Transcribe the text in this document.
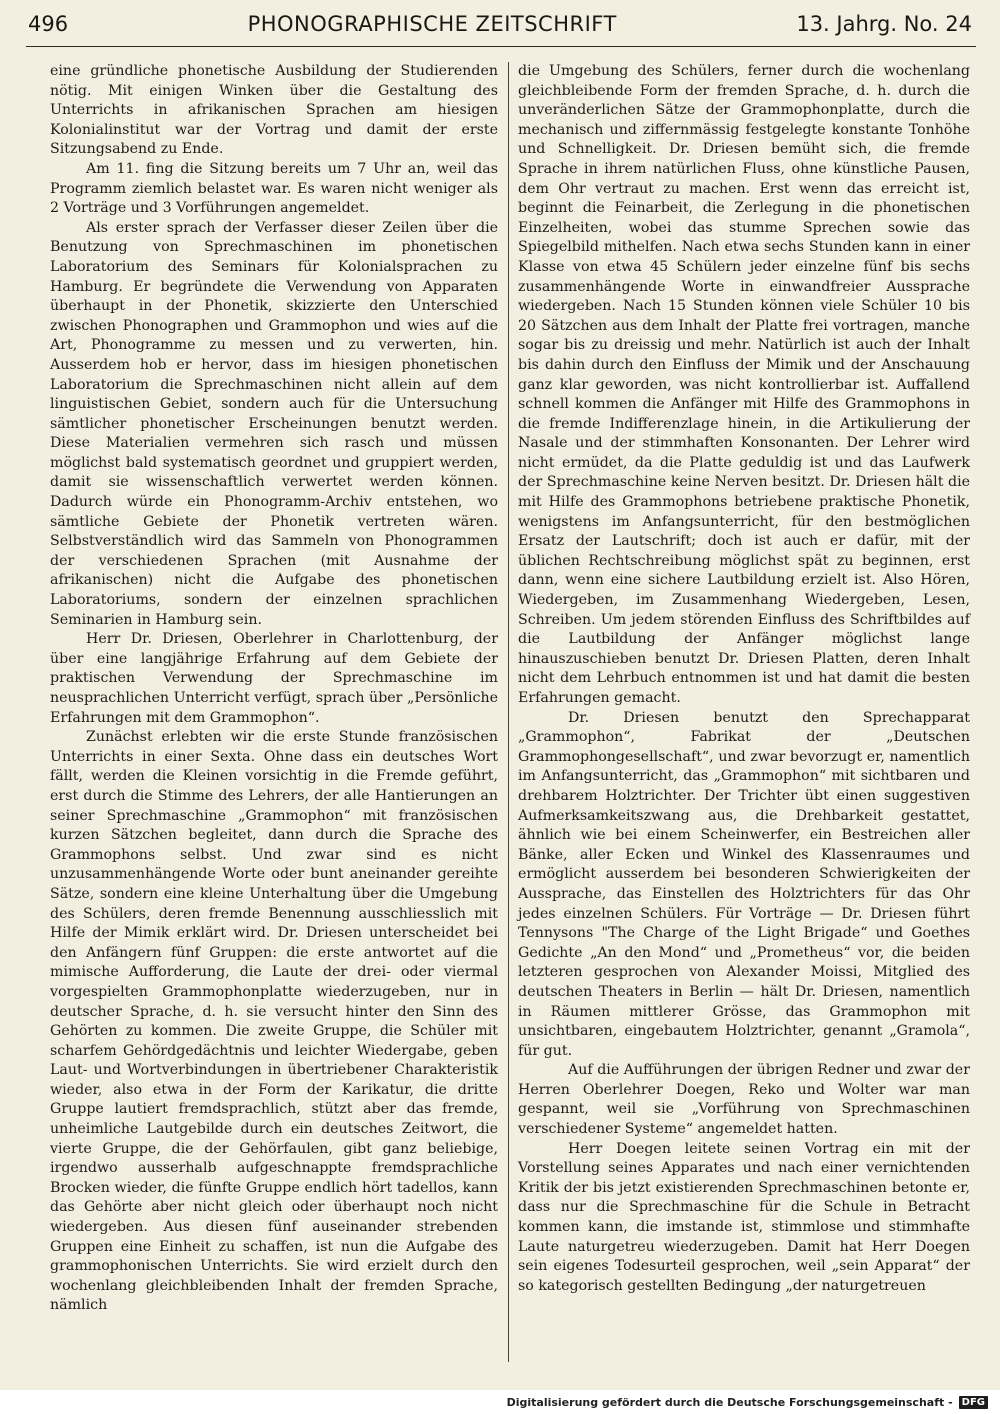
496	PHONOGRAPHISCHE ZEITSCHRIFT	13. Jahrg. No. 24

eine gründliche phonetische Ausbildung der Studierenden nötig. Mit einigen Winken über die Gestaltung des Unterrichts in afrikanischen Sprachen am hiesigen Kolonialinstitut war der Vortrag und damit der erste Sitzungsabend zu Ende.

Am 11. fing die Sitzung bereits um 7 Uhr an, weil das Programm ziemlich belastet war. Es waren nicht weniger als 2 Vorträge und 3 Vorführungen angemeldet.

Als erster sprach der Verfasser dieser Zeilen über die Benutzung von Sprechmaschinen im phonetischen Laboratorium des Seminars für Kolonialsprachen zu Hamburg. Er begründete die Verwendung von Apparaten überhaupt in der Phonetik, skizzierte den Unterschied zwischen Phonographen und Grammophon und wies auf die Art, Phonogramme zu messen und zu verwerten, hin. Ausserdem hob er hervor, dass im hiesigen phonetischen Laboratorium die Sprechmaschinen nicht allein auf dem linguistischen Gebiet, sondern auch für die Untersuchung sämtlicher phonetischer Erscheinungen benutzt werden. Diese Materialien vermehren sich rasch und müssen möglichst bald systematisch geordnet und gruppiert werden, damit sie wissenschaftlich verwertet werden können. Dadurch würde ein Phonogramm-Archiv entstehen, wo sämtliche Gebiete der Phonetik vertreten wären. Selbstverständlich wird das Sammeln von Phonogrammen der verschiedenen Sprachen (mit Ausnahme der afrikanischen) nicht die Aufgabe des phonetischen Laboratoriums, sondern der einzelnen sprachlichen Seminarien in Hamburg sein.

Herr Dr. Driesen, Oberlehrer in Charlottenburg, der über eine langjährige Erfahrung auf dem Gebiete der praktischen Verwendung der Sprechmaschine im neusprachlichen Unterricht verfügt, sprach über „Persönliche Erfahrungen mit dem Grammophon“.

Zunächst erlebten wir die erste Stunde französischen Unterrichts in einer Sexta. Ohne dass ein deutsches Wort fällt, werden die Kleinen vorsichtig in die Fremde geführt, erst durch die Stimme des Lehrers, der alle Hantierungen an seiner Sprechmaschine „Grammophon“ mit französischen kurzen Sätzchen begleitet, dann durch die Sprache des Grammophons selbst. Und zwar sind es nicht unzusammenhängende Worte oder bunt aneinander gereihte Sätze, sondern eine kleine Unterhaltung über die Umgebung des Schülers, deren fremde Benennung ausschliesslich mit Hilfe der Mimik erklärt wird. Dr. Driesen unterscheidet bei den Anfängern fünf Gruppen: die erste antwortet auf die mimische Aufforderung, die Laute der drei- oder viermal vorgespielten Grammophonplatte wiederzugeben, nur in deutscher Sprache, d. h. sie versucht hinter den Sinn des Gehörten zu kommen. Die zweite Gruppe, die Schüler mit scharfem Gehördgedächtnis und leichter Wiedergabe, geben Laut- und Wortverbindungen in übertriebener Charakteristik wieder, also etwa in der Form der Karikatur, die dritte Gruppe lautiert fremdsprachlich, stützt aber das fremde, unheimliche Lautgebilde durch ein deutsches Zeitwort, die vierte Gruppe, die der Gehörfaulen, gibt ganz beliebige, irgendwo ausserhalb aufgeschnappte fremdsprachliche Brocken wieder, die fünfte Gruppe endlich hört tadellos, kann das Gehörte aber nicht gleich oder überhaupt noch nicht wiedergeben. Aus diesen fünf auseinander strebenden Gruppen eine Einheit zu schaffen, ist nun die Aufgabe des grammophonischen Unterrichts. Sie wird erzielt durch den wochenlang gleichbleibenden Inhalt der fremden Sprache, nämlich

die Umgebung des Schülers, ferner durch die wochenlang gleichbleibende Form der fremden Sprache, d. h. durch die unveränderlichen Sätze der Grammophonplatte, durch die mechanisch und ziffernmässig festgelegte konstante Tonhöhe und Schnelligkeit. Dr. Driesen bemüht sich, die fremde Sprache in ihrem natürlichen Fluss, ohne künstliche Pausen, dem Ohr vertraut zu machen. Erst wenn das erreicht ist, beginnt die Feinarbeit, die Zerlegung in die phonetischen Einzelheiten, wobei das stumme Sprechen sowie das Spiegelbild mithelfen. Nach etwa sechs Stunden kann in einer Klasse von etwa 45 Schülern jeder einzelne fünf bis sechs zusammenhängende Worte in einwandfreier Aussprache wiedergeben. Nach 15 Stunden können viele Schüler 10 bis 20 Sätzchen aus dem Inhalt der Platte frei vortragen, manche sogar bis zu dreissig und mehr. Natürlich ist auch der Inhalt bis dahin durch den Einfluss der Mimik und der Anschauung ganz klar geworden, was nicht kontrollierbar ist. Auffallend schnell kommen die Anfänger mit Hilfe des Grammophons in die fremde Indifferenzlage hinein, in die Artikulierung der Nasale und der stimmhaften Konsonanten. Der Lehrer wird nicht ermüdet, da die Platte geduldig ist und das Laufwerk der Sprechmaschine keine Nerven besitzt. Dr. Driesen hält die mit Hilfe des Grammophons betriebene praktische Phonetik, wenigstens im Anfangsunterricht, für den bestmöglichen Ersatz der Lautschrift; doch ist auch er dafür, mit der üblichen Rechtschreibung möglichst spät zu beginnen, erst dann, wenn eine sichere Lautbildung erzielt ist. Also Hören, Wiedergeben, im Zusammenhang Wiedergeben, Lesen, Schreiben. Um jedem störenden Einfluss des Schriftbildes auf die Lautbildung der Anfänger möglichst lange hinauszuschieben benutzt Dr. Driesen Platten, deren Inhalt nicht dem Lehrbuch entnommen ist und hat damit die besten Erfahrungen gemacht.

Dr. Driesen benutzt den Sprechapparat „Grammophon“, Fabrikat der „Deutschen Grammophongesellschaft“, und zwar bevorzugt er, namentlich im Anfangsunterricht, das „Grammophon“ mit sichtbaren und drehbarem Holztrichter. Der Trichter übt einen suggestiven Aufmerksamkeitszwang aus, die Drehbarkeit gestattet, ähnlich wie bei einem Scheinwerfer, ein Bestreichen aller Bänke, aller Ecken und Winkel des Klassenraumes und ermöglicht ausserdem bei besonderen Schwierigkeiten der Aussprache, das Einstellen des Holztrichters für das Ohr jedes einzelnen Schülers. Für Vorträge — Dr. Driesen führt Tennysons "The Charge of the Light Brigade“ und Goethes Gedichte „An den Mond“ und „Prometheus“ vor, die beiden letzteren gesprochen von Alexander Moissi, Mitglied des deutschen Theaters in Berlin — hält Dr. Driesen, namentlich in Räumen mittlerer Grösse, das Grammophon mit unsichtbaren, eingebautem Holztrichter, genannt „Gramola“, für gut.

Auf die Aufführungen der übrigen Redner und zwar der Herren Oberlehrer Doegen, Reko und Wolter war man gespannt, weil sie „Vorführung von Sprechmaschinen verschiedener Systeme“ angemeldet hatten.

Herr Doegen leitete seinen Vortrag ein mit der Vorstellung seines Apparates und nach einer vernichtenden Kritik der bis jetzt existierenden Sprechmaschinen betonte er, dass nur die Sprechmaschine für die Schule in Betracht kommen kann, die imstande ist, stimmlose und stimmhafte Laute naturgetreu wiederzugeben. Damit hat Herr Doegen sein eigenes Todesurteil gesprochen, weil „sein Apparat“ der so kategorisch gestellten Bedingung „der naturgetreuen

Digitalisierung gefördert durch die Deutsche Forschungsgemeinschaft - DFG
